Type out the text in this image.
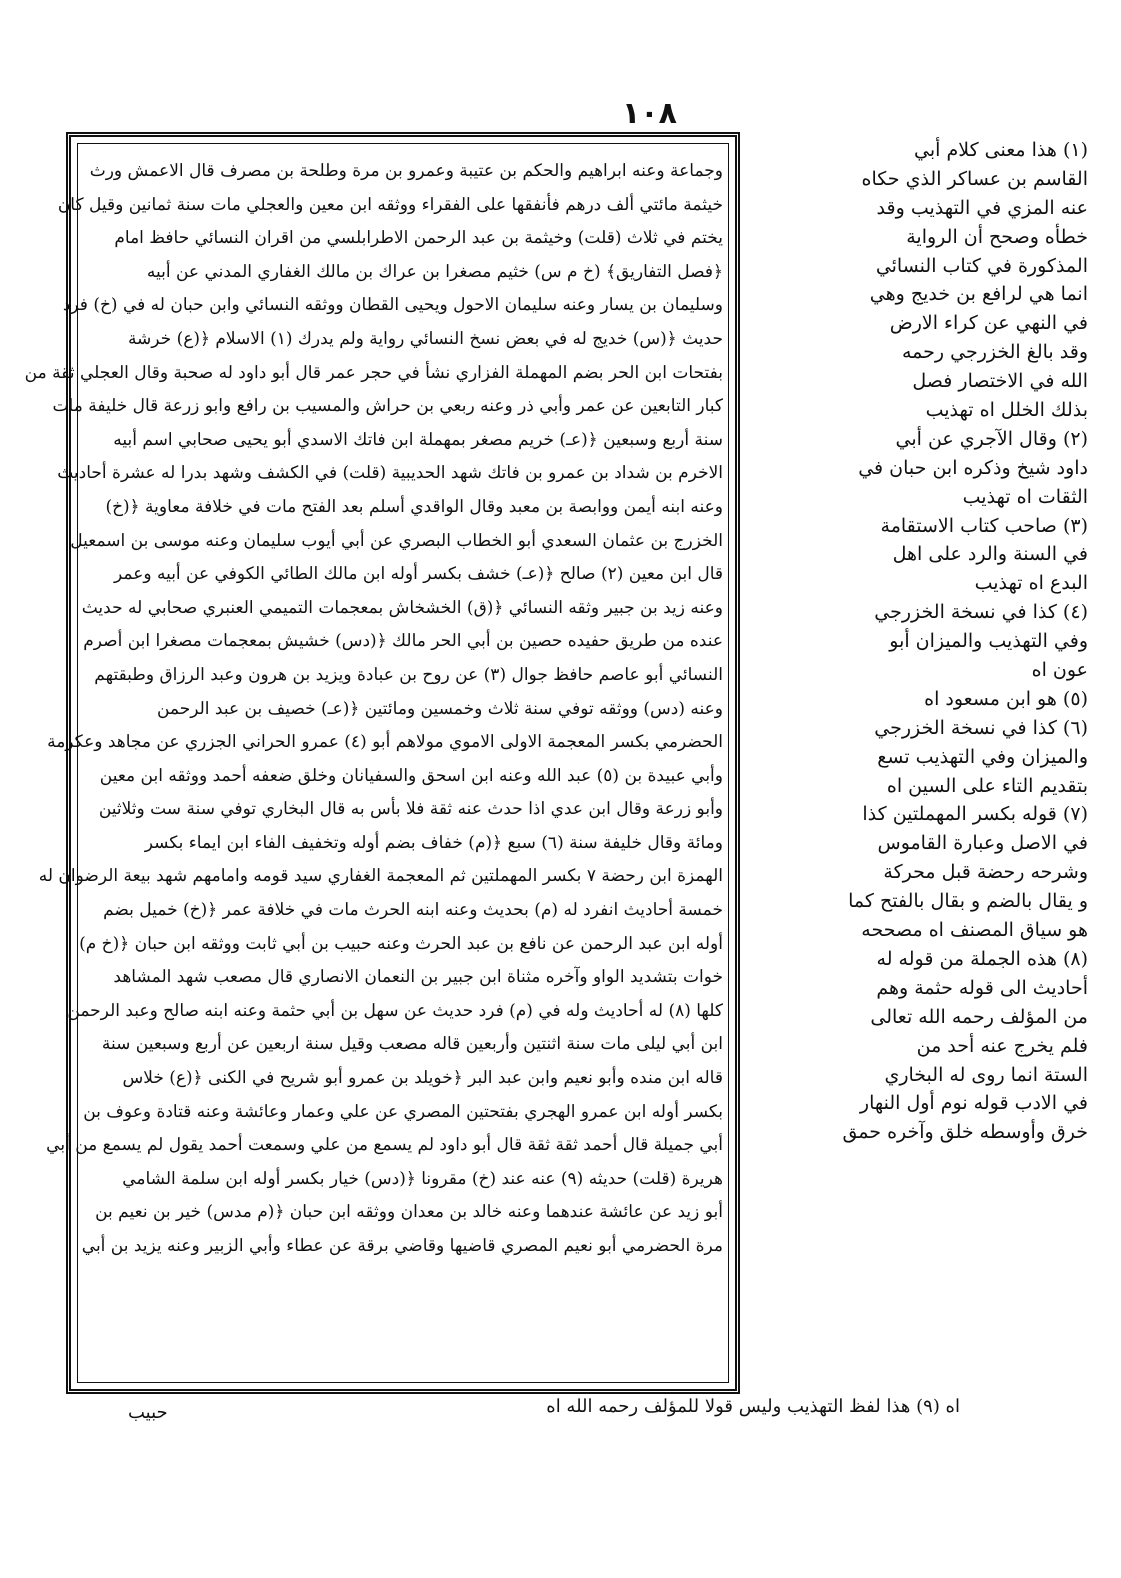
١٠٨
وجماعة وعنه ابراهيم والحكم بن عتيبة وعمرو بن مرة وطلحة بن مصرف قال الاعمش ورث
خيثمة مائتي ألف درهم فأنفقها على الفقراء ووثقه ابن معين والعجلي مات سنة ثمانين وقيل كان
يختم في ثلاث (قلت) وخيثمة بن عبد الرحمن الاطرابلسي من اقران النسائي حافظ امام
﴿فصل التفاريق﴾ (خ م س) خثيم مصغرا بن عراك بن مالك الغفاري المدني عن أبيه
وسليمان بن يسار وعنه سليمان الاحول ويحيى القطان ووثقه النسائي وابن حبان له في (خ) فرد
حديث ﴿(س) خديج له في بعض نسخ النسائي رواية ولم يدرك (١) الاسلام ﴿(ع) خرشة
بفتحات ابن الحر بضم المهملة الفزاري نشأ في حجر عمر قال أبو داود له صحبة وقال العجلي ثقة من
كبار التابعين عن عمر وأبي ذر وعنه ربعي بن حراش والمسيب بن رافع وابو زرعة قال خليفة مات
سنة أربع وسبعين ﴿(عـ) خريم مصغر بمهملة ابن فاتك الاسدي أبو يحيى صحابي اسم أبيه
الاخرم بن شداد بن عمرو بن فاتك شهد الحديبية (قلت) في الكشف وشهد بدرا له عشرة أحاديث
وعنه ابنه أيمن ووابصة بن معبد وقال الواقدي أسلم بعد الفتح مات في خلافة معاوية ﴿(خ)
الخزرج بن عثمان السعدي أبو الخطاب البصري عن أبي أيوب سليمان وعنه موسى بن اسمعيل
قال ابن معين (٢) صالح ﴿(عـ) خشف بكسر أوله ابن مالك الطائي الكوفي عن أبيه وعمر
وعنه زيد بن جبير وثقه النسائي ﴿(ق) الخشخاش بمعجمات التميمي العنبري صحابي له حديث
عنده من طريق حفيده حصين بن أبي الحر مالك ﴿(دس) خشيش بمعجمات مصغرا ابن أصرم
النسائي أبو عاصم حافظ جوال (٣) عن روح بن عبادة ويزيد بن هرون وعبد الرزاق وطبقتهم
وعنه (دس) ووثقه توفي سنة ثلاث وخمسين ومائتين ﴿(عـ) خصيف بن عبد الرحمن
الحضرمي بكسر المعجمة الاولى الاموي مولاهم أبو (٤) عمرو الحراني الجزري عن مجاهد وعكرمة
وأبي عبيدة بن (٥) عبد الله وعنه ابن اسحق والسفيانان وخلق ضعفه أحمد ووثقه ابن معين
وأبو زرعة وقال ابن عدي اذا حدث عنه ثقة فلا بأس به قال البخاري توفي سنة ست وثلاثين
ومائة وقال خليفة سنة (٦) سبع ﴿(م) خفاف بضم أوله وتخفيف الفاء ابن ايماء بكسر
الهمزة ابن رحضة ٧ بكسر المهملتين ثم المعجمة الغفاري سيد قومه وامامهم شهد بيعة الرضوان له
خمسة أحاديث انفرد له (م) بحديث وعنه ابنه الحرث مات في خلافة عمر ﴿(خ) خميل بضم
أوله ابن عبد الرحمن عن نافع بن عبد الحرث وعنه حبيب بن أبي ثابت ووثقه ابن حبان ﴿(خ م)
خوات بتشديد الواو وآخره مثناة ابن جبير بن النعمان الانصاري قال مصعب شهد المشاهد
كلها (٨) له أحاديث وله في (م) فرد حديث عن سهل بن أبي حثمة وعنه ابنه صالح وعبد الرحمن
ابن أبي ليلى مات سنة اثنتين وأربعين قاله مصعب وقيل سنة اربعين عن أربع وسبعين سنة
قاله ابن منده وأبو نعيم وابن عبد البر ﴿خويلد بن عمرو أبو شريح في الكنى ﴿(ع) خلاس
بكسر أوله ابن عمرو الهجري بفتحتين المصري عن علي وعمار وعائشة وعنه قتادة وعوف بن
أبي جميلة قال أحمد ثقة ثقة قال أبو داود لم يسمع من علي وسمعت أحمد يقول لم يسمع من أبي
هريرة (قلت) حديثه (٩) عنه عند (خ) مقرونا ﴿(دس) خيار بكسر أوله ابن سلمة الشامي
أبو زيد عن عائشة عندهما وعنه خالد بن معدان ووثقه ابن حبان ﴿(م مدس) خير بن نعيم بن
مرة الحضرمي أبو نعيم المصري قاضيها وقاضي برقة عن عطاء وأبي الزبير وعنه يزيد بن أبي
(١) هذا معنى كلام أبي
القاسم بن عساكر الذي حكاه
عنه المزي في التهذيب وقد
خطأه وصحح أن الرواية
المذكورة في كتاب النسائي
انما هي لرافع بن خديج وهي
في النهي عن كراء الارض
وقد بالغ الخزرجي رحمه
الله في الاختصار فصل
بذلك الخلل اه تهذيب
(٢) وقال الآجري عن أبي
داود شيخ وذكره ابن حبان في
الثقات اه تهذيب
(٣) صاحب كتاب الاستقامة
في السنة والرد على اهل
البدع اه تهذيب
(٤) كذا في نسخة الخزرجي
وفي التهذيب والميزان أبو
عون اه
(٥) هو ابن مسعود اه
(٦) كذا في نسخة الخزرجي
والميزان وفي التهذيب تسع
بتقديم التاء على السين اه
(٧) قوله بكسر المهملتين كذا
في الاصل وعبارة القاموس
وشرحه رحضة قبل محركة
و يقال بالضم و بقال بالفتح كما
هو سياق المصنف اه مصححه
(٨) هذه الجملة من قوله له
أحاديث الى قوله حثمة وهم
من المؤلف رحمه الله تعالى
فلم يخرج عنه أحد من
الستة انما روى له البخاري
في الادب قوله نوم أول النهار
خرق وأوسطه خلق وآخره حمق
اه (٩) هذا لفظ التهذيب وليس قولا للمؤلف رحمه الله اه
حبيب
